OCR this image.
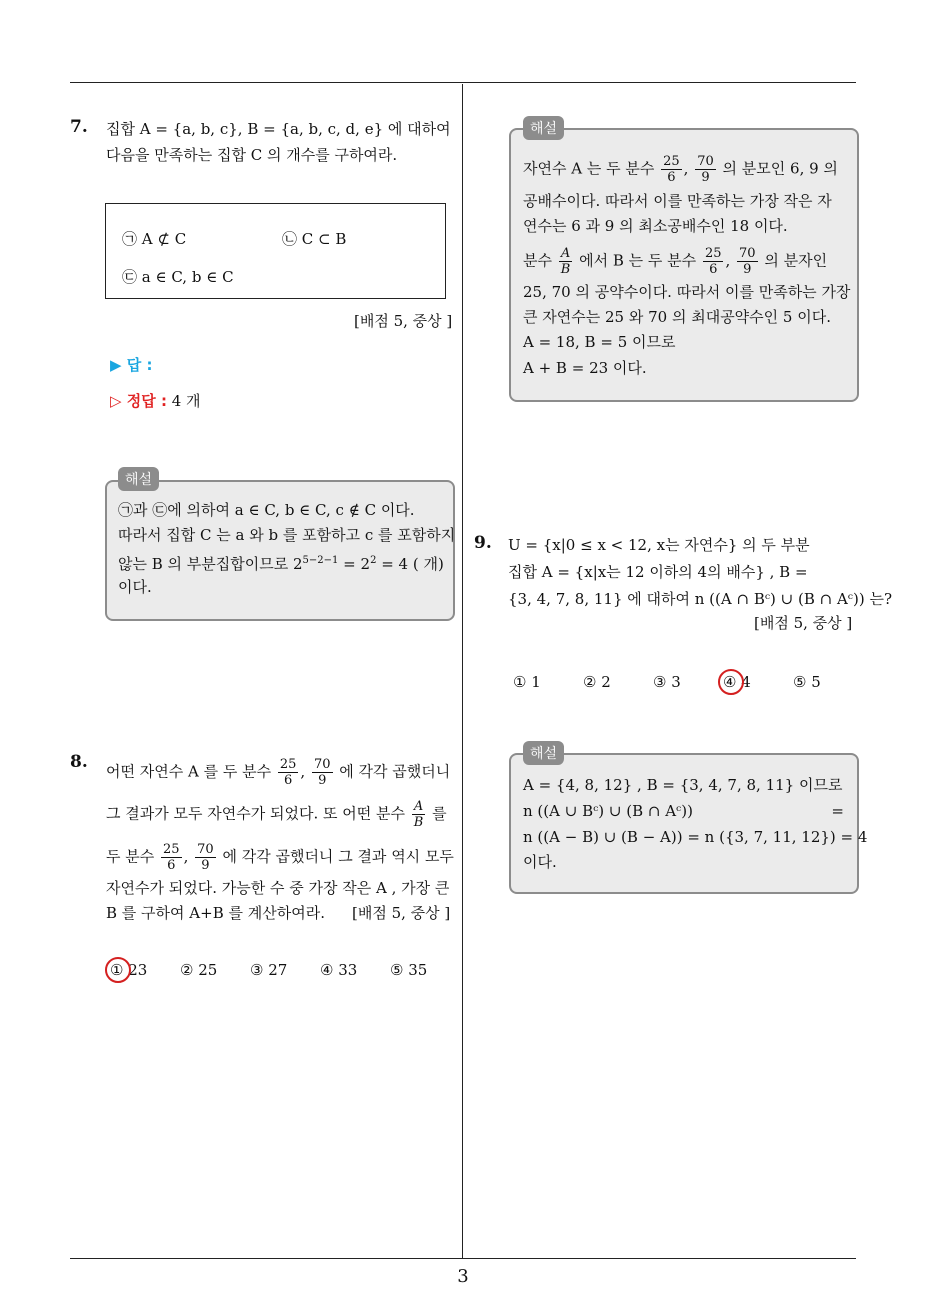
7. 집합 A = {a, b, c}, B = {a, b, c, d, e} 에 대하여
다음을 만족하는 집합 C 의 개수를 구하여라.
㉠ A ⊄ C	㉡ C ⊂ B
㉢ a ∈ C, b ∈ C
[배점 5, 중상 ]
▶ 답 :
▷ 정답 : 4 개
해설
㉠과 ㉢에 의하여 a ∈ C, b ∈ C, c ∉ C 이다.
따라서 집합 C 는 a 와 b 를 포함하고 c 를 포함하지
않는 B 의 부분집합이므로 $2^{5-2-1} = 2^2 = 4$ ( 개)
이다.
8. 어떤 자연수 A 를 두 분수 $\frac{25}{6}$ , $\frac{70}{9}$ 에 각각 곱했더니
그 결과가 모두 자연수가 되었다. 또 어떤 분수 $\frac{A}{B}$ 를
두 분수 $\frac{25}{6}$ , $\frac{70}{9}$ 에 각각 곱했더니 그 결과 역시 모두
자연수가 되었다. 가능한 수 중 가장 작은 A , 가장 큰
B 를 구하여 A+B 를 계산하여라. [배점 5, 중상 ]
① 23 ② 25 ③ 27 ④ 33 ⑤ 35
해설
자연수 A 는 두 분수 $\frac{25}{6}$ , $\frac{70}{9}$ 의 분모인 6, 9 의
공배수이다. 따라서 이를 만족하는 가장 작은 자
연수는 6 과 9 의 최소공배수인 18 이다.
분수 $\frac{A}{B}$ 에서 B 는 두 분수 $\frac{25}{6}$ , $\frac{70}{9}$ 의 분자인
25, 70 의 공약수이다. 따라서 이를 만족하는 가장
큰 자연수는 25 와 70 의 최대공약수인 5 이다.
A = 18, B = 5 이므로
A + B = 23 이다.
9. U = {x|0 ≤ x < 12, x는 자연수} 의 두 부분
집합 A = {x|x는 12 이하의 4의 배수} , B =
{3, 4, 7, 8, 11} 에 대하여 n ((A ∩ Bᶜ) ∪ (B ∩ Aᶜ)) 는?
[배점 5, 중상 ]
① 1	② 2	③ 3	④ 4	⑤ 5
해설
A = {4, 8, 12} , B = {3, 4, 7, 8, 11} 이므로
n ((A ∪ Bᶜ) ∪ (B ∩ Aᶜ))	=
n ((A − B) ∪ (B − A)) = n ({3, 7, 11, 12}) = 4
이다.
3
